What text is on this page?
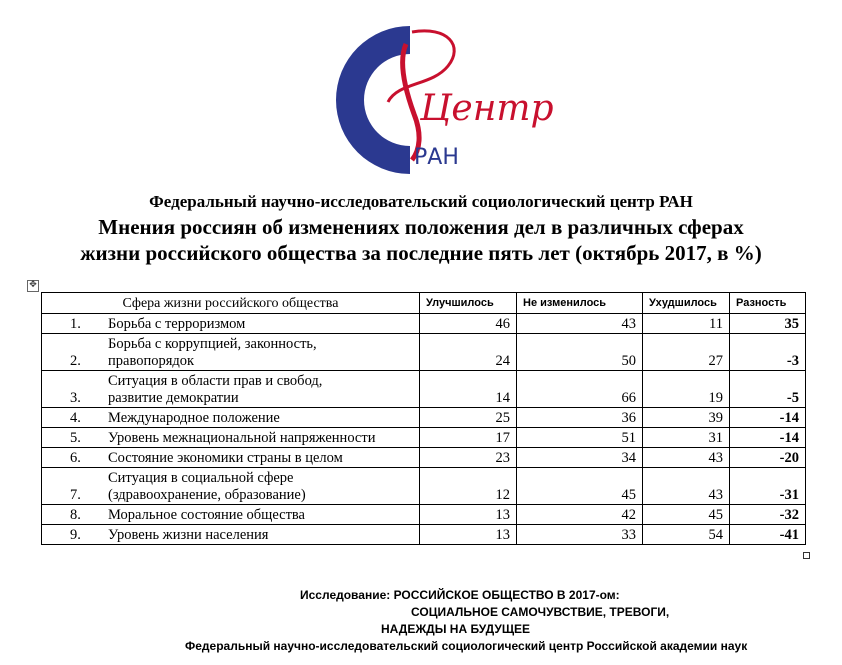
Центр
РАН
Федеральный научно-исследовательский социологический центр РАН
Мнения россиян об изменениях положения дел в различных сферах
жизни российского общества за последние пять лет (октябрь 2017, в %)
✥
Сфера жизни российского общества	Улучшилось	Не изменилось	Ухудшилось	Разность
1. Борьба с терроризмом	46	43	11	35
2.Борьба с коррупцией, законность,
правопорядок	24	50	27	-3
3.Ситуация в области прав и свобод,
развитие демократии	14	66	19	-5
4. Международное положение	25	36	39	-14
5. Уровень межнациональной напряженности	17	51	31	-14
6. Состояние экономики страны в целом	23	34	43	-20
7.Ситуация в социальной сфере
(здравоохранение, образование)	12	45	43	-31
8. Моральное состояние общества	13	42	45	-32
9. Уровень жизни населения	13	33	54	-41
Исследование: РОССИЙСКОЕ ОБЩЕСТВО В 2017-ом:
СОЦИАЛЬНОЕ САМОЧУВСТВИЕ, ТРЕВОГИ,
НАДЕЖДЫ НА БУДУЩЕЕ
Федеральный научно-исследовательский социологический центр Российской академии наук
